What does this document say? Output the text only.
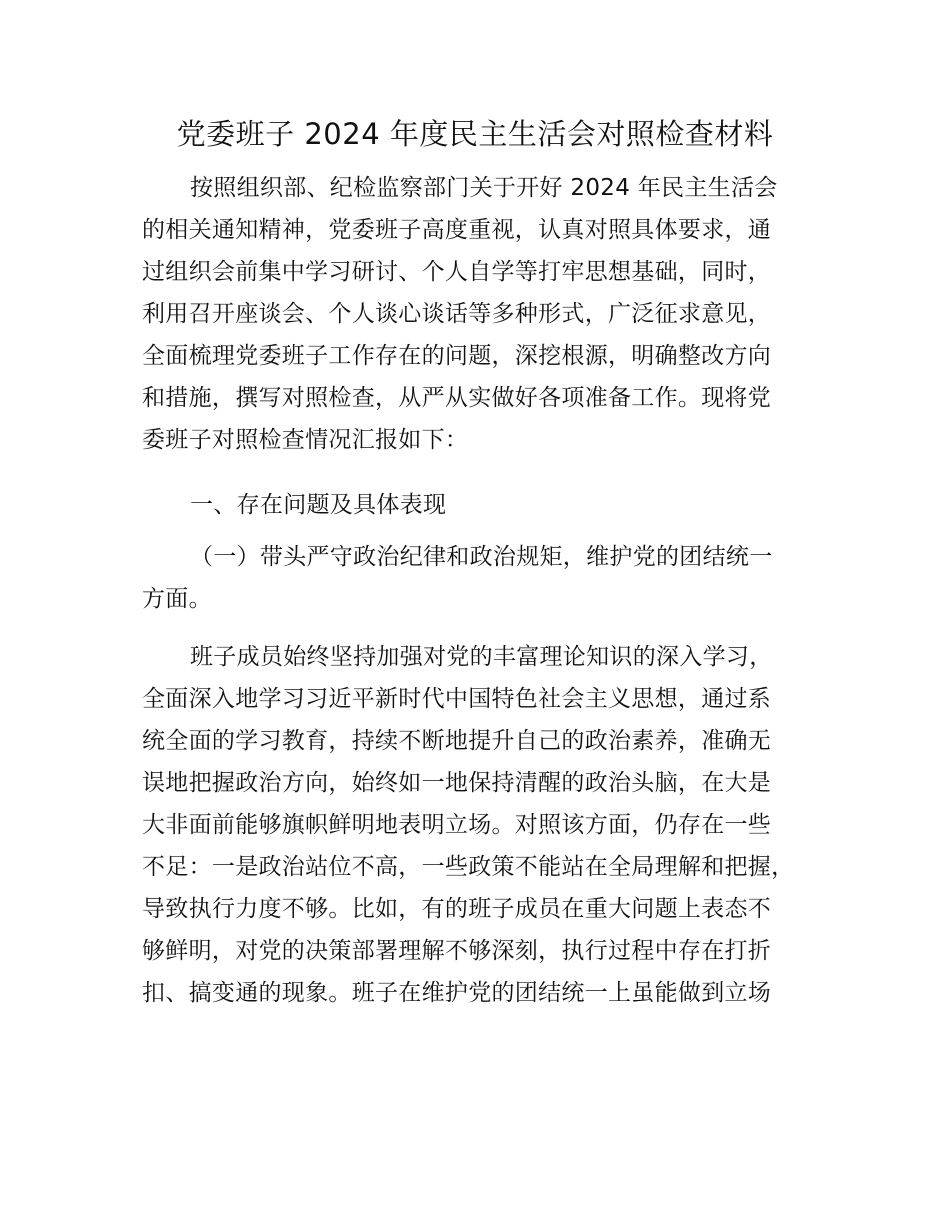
党委班子 2024 年度民主生活会对照检查材料
按照组织部、纪检监察部门关于开好 2024 年民主生活会
的相关通知精神，党委班子高度重视，认真对照具体要求，通
过组织会前集中学习研讨、个人自学等打牢思想基础，同时，
利用召开座谈会、个人谈心谈话等多种形式，广泛征求意见，
全面梳理党委班子工作存在的问题，深挖根源，明确整改方向
和措施，撰写对照检查，从严从实做好各项准备工作。现将党
委班子对照检查情况汇报如下：
一、存在问题及具体表现
（一）带头严守政治纪律和政治规矩，维护党的团结统一
方面。
班子成员始终坚持加强对党的丰富理论知识的深入学习，
全面深入地学习习近平新时代中国特色社会主义思想，通过系
统全面的学习教育，持续不断地提升自己的政治素养，准确无
误地把握政治方向，始终如一地保持清醒的政治头脑，在大是
大非面前能够旗帜鲜明地表明立场。对照该方面，仍存在一些
不足：一是政治站位不高，一些政策不能站在全局理解和把握，
导致执行力度不够。比如，有的班子成员在重大问题上表态不
够鲜明，对党的决策部署理解不够深刻，执行过程中存在打折
扣、搞变通的现象。班子在维护党的团结统一上虽能做到立场
